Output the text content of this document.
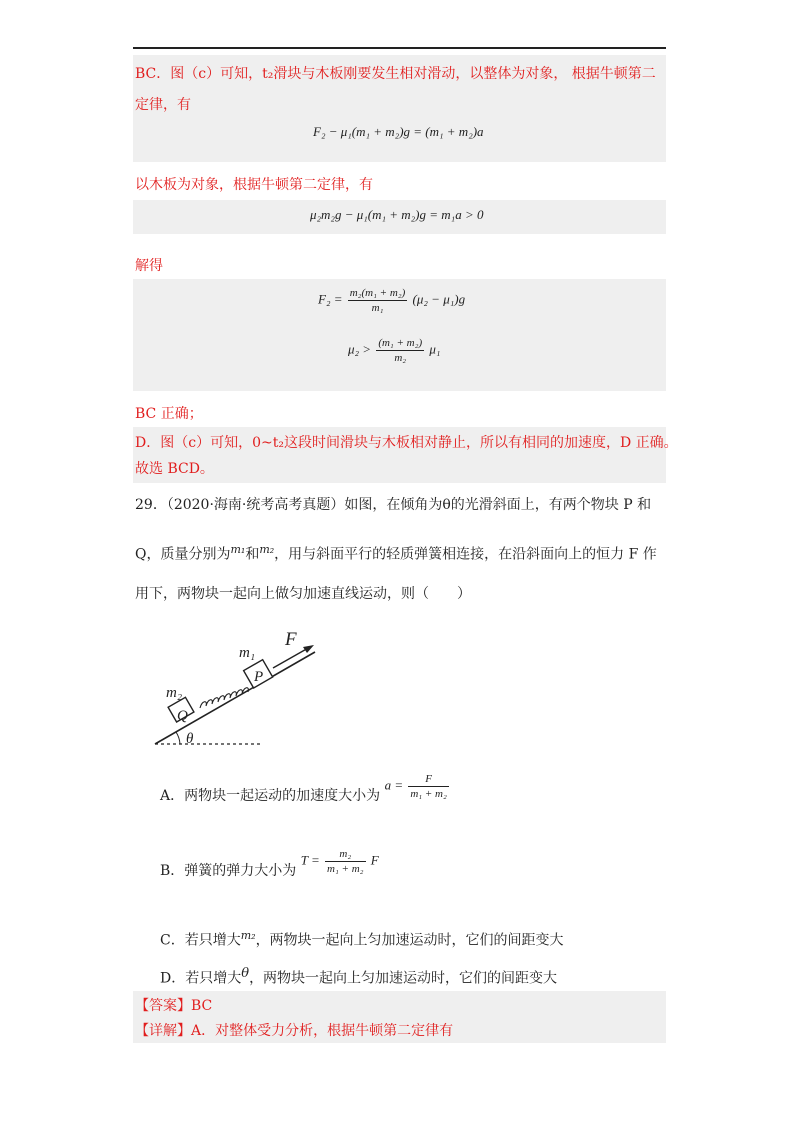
BC．图（c）可知，t₂滑块与木板刚要发生相对滑动，以整体为对象， 根据牛顿第二
定律，有
F₂ − μ₁(m₁ + m₂)g = (m₁ + m₂)a
以木板为对象，根据牛顿第二定律，有
μ₂m₂g − μ₁(m₁ + m₂)g = m₁a > 0
解得
$F_2 = \frac{\text{m₂(m₁ + m₂)}}{\text{m₁}} (\mu_2 - \mu_1)g$
$\mu_2 > \frac{\text{(m₁ + m₂)}}{\text{m₂}} \mu_1$
BC 正确；
D．图（c）可知，0~t₂这段时间滑块与木板相对静止，所以有相同的加速度，D 正确。
故选 BCD。
29．（2020·海南·统考高考真题）如图，在倾角为θ的光滑斜面上，有两个物块 P 和
Q，质量分别为$^{m_1}$和$^{m_2}$，用与斜面平行的轻质弹簧相连接，在沿斜面向上的恒力 F 作
用下，两物块一起向上做匀加速直线运动，则（　　）
θ
Q
m₂
P
m₁
F
A．两物块一起运动的加速度大小为 $a = \frac{F}{\text{m₁ + m₂}}$
B．弹簧的弹力大小为 $T = \frac{\text{m₂}}{\text{m₁ + m₂}}$ F
C．若只增大$^{m_2}$，两物块一起向上匀加速运动时，它们的间距变大
D．若只增大$^\theta$，两物块一起向上匀加速运动时，它们的间距变大
【答案】BC
【详解】A．对整体受力分析，根据牛顿第二定律有
